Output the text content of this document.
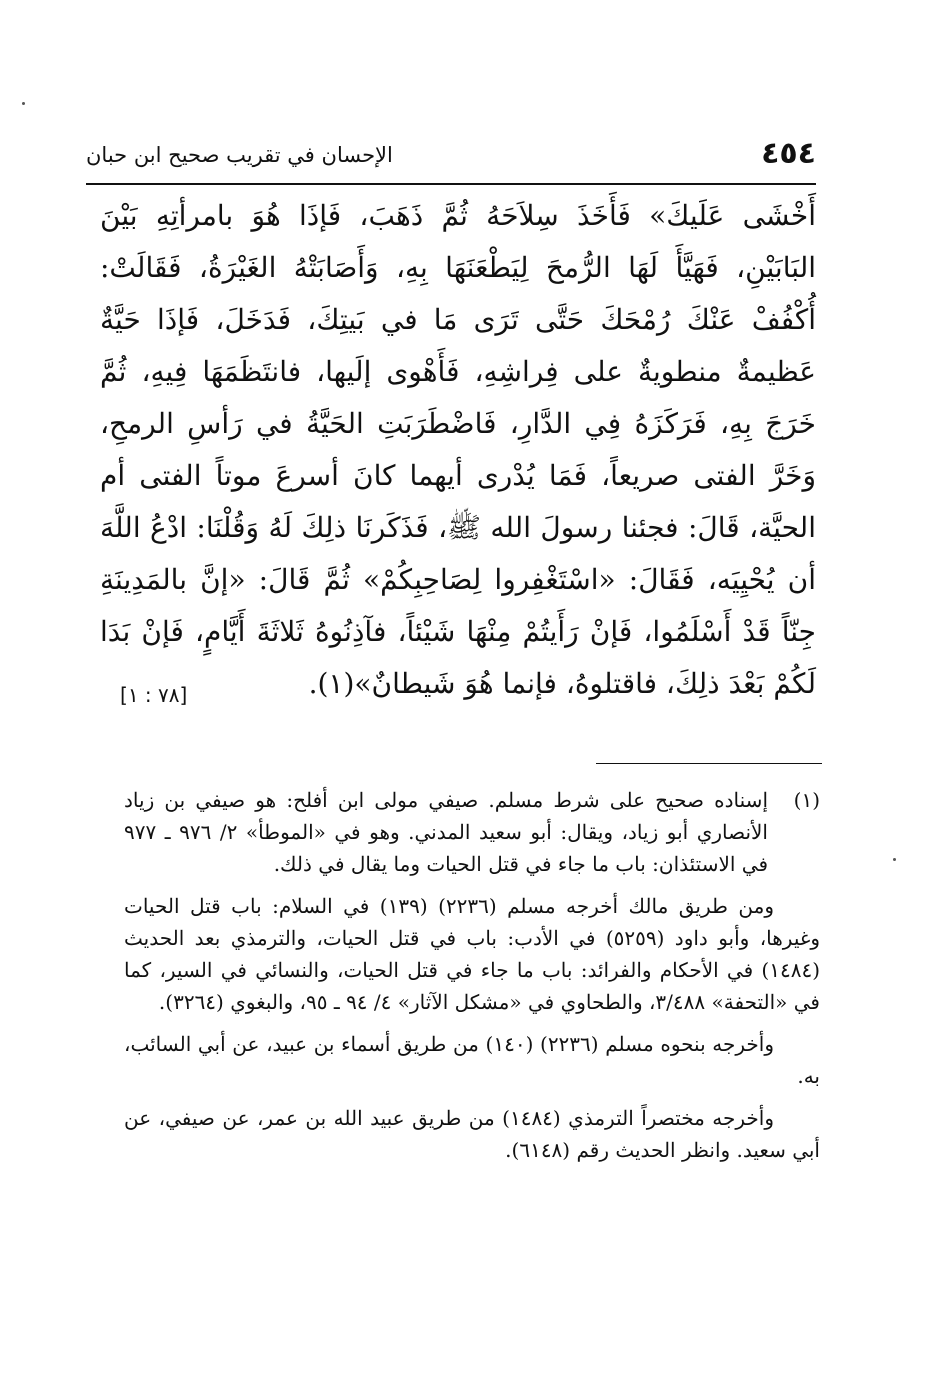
٤٥٤
الإحسان في تقريب صحيح ابن حبان
أَخْشَى عَلَيكَ» فَأَخَذَ سِلاَحَهُ ثُمَّ ذَهَبَ، فَإذَا هُوَ بامرأتِهِ بَيْنَ البَابَيْنِ، فَهَيَّأَ لَهَا الرُّمحَ لِيَطْعَنَهَا بِهِ، وَأَصَابَتْهُ الغَيْرَةُ، فَقَالَتْ: أُكْفُفْ عَنْكَ رُمْحَكَ حَتَّى تَرَى مَا في بَيتِكَ، فَدَخَلَ، فَإذَا حَيَّةٌ عَظيمةٌ منطويةٌ على فِراشِهِ، فَأَهْوى إلَيها، فانتَظَمَهَا فِيهِ، ثُمَّ خَرَجَ بِهِ، فَرَكَزَهُ فِي الدَّارِ، فَاضْطَرَبَتِ الحَيَّةُ في رَأسِ الرمحِ، وَخَرَّ الفتى صريعاً، فَمَا يُدْرى أيهما كانَ أسرعَ موتاً الفتى أم الحيَّة، قَالَ: فجئنا رسولَ الله ﷺ، فَذَكَرنَا ذلِكَ لَهُ وَقُلْنَا: ادْعُ اللَّهَ أن يُحْيِيَه، فَقَالَ: «اسْتَغْفِروا لِصَاحِبِكُمْ» ثُمَّ قَالَ: «إنَّ بالمَدِينَةِ جِنّاً قَدْ أَسْلَمُوا، فَإنْ رَأَيتُمْ مِنْهَا شَيْئاً، فآذِنُوهُ ثَلاثَةَ أَيَّامٍ، فَإنْ بَدَا لَكُمْ بَعْدَ ذلِكَ، فاقتلوهُ، فإنما هُوَ شَيطانٌ»(١).
[٧٨ : ١]
(١)
إسناده صحيح على شرط مسلم. صيفي مولى ابن أفلح: هو صيفي بن زياد الأنصاري أبو زياد، ويقال: أبو سعيد المدني. وهو في «الموطأ» ٢/ ٩٧٦ ـ ٩٧٧ في الاستئذان: باب ما جاء في قتل الحيات وما يقال في ذلك.

ومن طريق مالك أخرجه مسلم (٢٢٣٦) (١٣٩) في السلام: باب قتل الحيات وغيرها، وأبو داود (٥٢٥٩) في الأدب: باب في قتل الحيات، والترمذي بعد الحديث (١٤٨٤) في الأحكام والفرائد: باب ما جاء في قتل الحيات، والنسائي في السير، كما في «التحفة» ٣/٤٨٨، والطحاوي في «مشكل الآثار» ٤/ ٩٤ ـ ٩٥، والبغوي (٣٢٦٤).

وأخرجه بنحوه مسلم (٢٢٣٦) (١٤٠) من طريق أسماء بن عبيد، عن أبي السائب، به.

وأخرجه مختصراً الترمذي (١٤٨٤) من طريق عبيد الله بن عمر، عن صيفي، عن أبي سعيد. وانظر الحديث رقم (٦١٤٨).
